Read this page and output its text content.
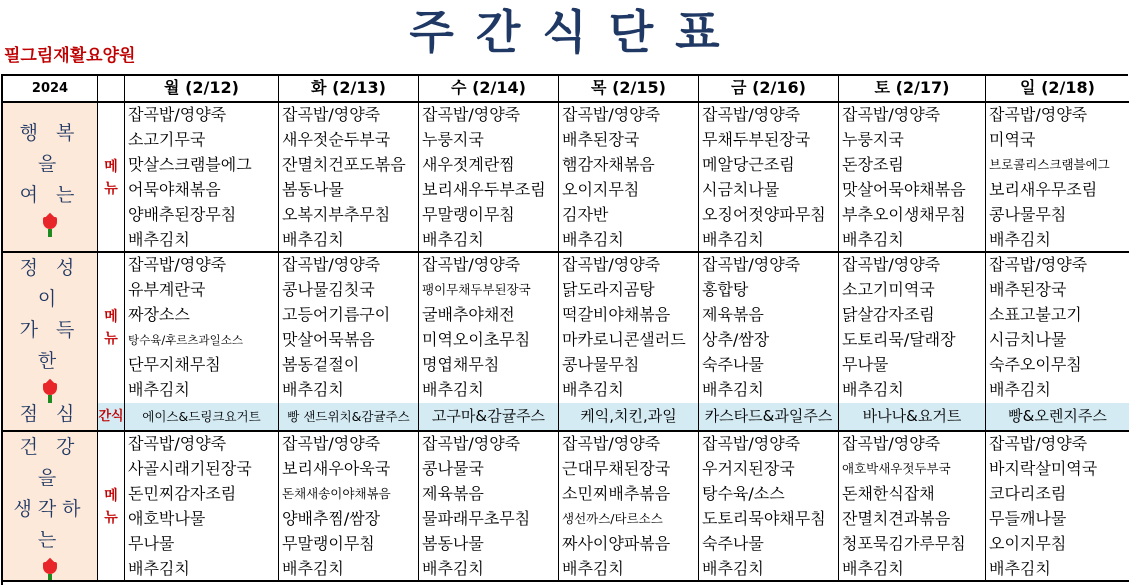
주간식단표
필그림재활요양원
2024	월 (2/12)	화 (2/13)	수 (2/14)	목 (2/15)	금 (2/16)	토 (2/17)	일 (2/18)
행 복 을
여 는
메
뉴
잡곡밥/영양죽	잡곡밥/영양죽	잡곡밥/영양죽	잡곡밥/영양죽	잡곡밥/영양죽	잡곡밥/영양죽	잡곡밥/영양죽
소고기무국	새우젓순두부국	누룽지국	배추된장국	무채두부된장국	누룽지국	미역국
맛살스크램블에그	잔멸치건포도볶음	새우젓계란찜	햄감자채볶음	메알당근조림	돈장조림	브로콜리스크램블에그
어묵야채볶음	봄동나물	보리새우두부조림	오이지무침	시금치나물	맛살어묵야채볶음	보리새우무조림
양배추된장무침	오복지부추무침	무말랭이무침	김자반	오징어젓양파무침	부추오이생채무침	콩나물무침
배추김치	배추김치	배추김치	배추김치	배추김치	배추김치	배추김치
정 성 이
가 득 한
점 심
메
뉴
잡곡밥/영양죽	잡곡밥/영양죽	잡곡밥/영양죽	잡곡밥/영양죽	잡곡밥/영양죽	잡곡밥/영양죽	잡곡밥/영양죽
유부계란국	콩나물김칫국	팽이무채두부된장국	닭도라지곰탕	홍합탕	소고기미역국	배추된장국
짜장소스	고등어기름구이	굴배추야채전	떡갈비야채볶음	제육볶음	닭살감자조림	소표고불고기
탕수육/후르츠과일소스	맛살어묵볶음	미역오이초무침	마카로니콘샐러드	상추/쌈장	도토리묵/달래장	시금치나물
단무지채무침	봄동겉절이	명엽채무침	콩나물무침	숙주나물	무나물	숙주오이무침
배추김치	배추김치	배추김치	배추김치	배추김치	배추김치	배추김치
간식	에이스&드링크요거트	빵 샌드위치&감귤주스	고구마&감귤주스	케익,치킨,과일	카스타드&과일주스	바나나&요거트	빵&오렌지주스
건 강 을
생각하는
메
뉴
잡곡밥/영양죽	잡곡밥/영양죽	잡곡밥/영양죽	잡곡밥/영양죽	잡곡밥/영양죽	잡곡밥/영양죽	잡곡밥/영양죽
사골시래기된장국	보리새우아욱국	콩나물국	근대무채된장국	우거지된장국	애호박새우젓두부국	바지락살미역국
돈민찌감자조림	돈채새송이야채볶음	제육볶음	소민찌배추볶음	탕수육/소스	돈채한식잡채	코다리조림
애호박나물	양배추찜/쌈장	물파래무초무침	생선까스/타르소스	도토리묵야채무침	잔멸치견과볶음	무들깨나물
무나물	무말랭이무침	봄동나물	짜사이양파볶음	숙주나물	청포묵김가루무침	오이지무침
배추김치	배추김치	배추김치	배추김치	배추김치	배추김치	배추김치
